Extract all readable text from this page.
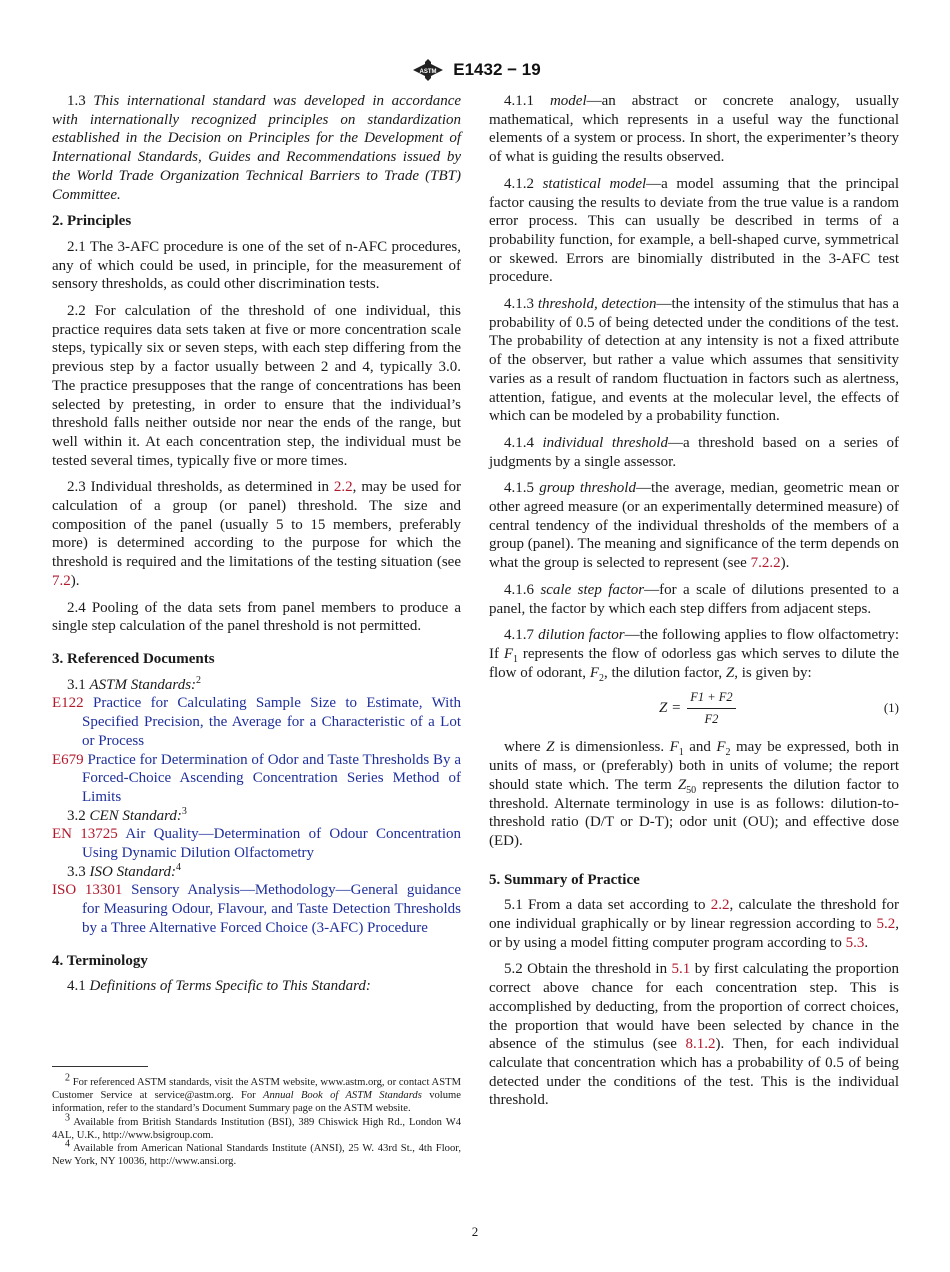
ASTM E1432 − 19

1.3 This international standard was developed in accordance with internationally recognized principles on standardization established in the Decision on Principles for the Development of International Standards, Guides and Recommendations issued by the World Trade Organization Technical Barriers to Trade (TBT) Committee.

2. Principles

2.1 The 3-AFC procedure is one of the set of n-AFC procedures, any of which could be used, in principle, for the measurement of sensory thresholds, as could other discrimination tests.

2.2 For calculation of the threshold of one individual, this practice requires data sets taken at five or more concentration scale steps, typically six or seven steps, with each step differing from the previous step by a factor usually between 2 and 4, typically 3.0. The practice presupposes that the range of concentrations has been selected by pretesting, in order to ensure that the individual’s threshold falls neither outside nor near the ends of the range, but well within it. At each concentration step, the individual must be tested several times, typically five or more times.

2.3 Individual thresholds, as determined in 2.2, may be used for calculation of a group (or panel) threshold. The size and composition of the panel (usually 5 to 15 members, preferably more) is determined according to the purpose for which the threshold is required and the limitations of the testing situation (see 7.2).

2.4 Pooling of the data sets from panel members to produce a single step calculation of the panel threshold is not permitted.

3. Referenced Documents

3.1 ASTM Standards:$^2$

E122 Practice for Calculating Sample Size to Estimate, With Specified Precision, the Average for a Characteristic of a Lot or Process

E679 Practice for Determination of Odor and Taste Thresholds By a Forced-Choice Ascending Concentration Series Method of Limits

3.2 CEN Standard:$^3$

EN 13725 Air Quality—Determination of Odour Concentration Using Dynamic Dilution Olfactometry

3.3 ISO Standard:$^4$

ISO 13301 Sensory Analysis—Methodology—General guidance for Measuring Odour, Flavour, and Taste Detection Thresholds by a Three Alternative Forced Choice (3-AFC) Procedure

4. Terminology

4.1 Definitions of Terms Specific to This Standard:

4.1.1 model—an abstract or concrete analogy, usually mathematical, which represents in a useful way the functional elements of a system or process. In short, the experimenter’s theory of what is guiding the results observed.

4.1.2 statistical model—a model assuming that the principal factor causing the results to deviate from the true value is a random error process. This can usually be described in terms of a probability function, for example, a bell-shaped curve, symmetrical or skewed. Errors are binomially distributed in the 3-AFC test procedure.

4.1.3 threshold, detection—the intensity of the stimulus that has a probability of 0.5 of being detected under the conditions of the test. The probability of detection at any intensity is not a fixed attribute of the observer, but rather a value which assumes that sensitivity varies as a result of random fluctuation in factors such as alertness, attention, fatigue, and events at the molecular level, the effects of which can be modeled by a probability function.

4.1.4 individual threshold—a threshold based on a series of judgments by a single assessor.

4.1.5 group threshold—the average, median, geometric mean or other agreed measure (or an experimentally determined measure) of central tendency of the individual thresholds of the members of a group (panel). The meaning and significance of the term depends on what the group is selected to represent (see 7.2.2).

4.1.6 scale step factor—for a scale of dilutions presented to a panel, the factor by which each step differs from adjacent steps.

4.1.7 dilution factor—the following applies to flow olfactometry: If $F_1$ represents the flow of odorless gas which serves to dilute the flow of odorant, $F_2$, the dilution factor, Z, is given by:

$Z = \frac{F1 + F2}{F2}$	(1)

where Z is dimensionless. $F_1$ and $F_2$ may be expressed, both in units of mass, or (preferably) both in units of volume; the report should state which. The term $Z_{50}$ represents the dilution factor to threshold. Alternate terminology in use is as follows: dilution-to-threshold ratio (D/T or D-T); odor unit (OU); and effective dose (ED).

5. Summary of Practice

5.1 From a data set according to 2.2, calculate the threshold for one individual graphically or by linear regression according to 5.2, or by using a model fitting computer program according to 5.3.

5.2 Obtain the threshold in 5.1 by first calculating the proportion correct above chance for each concentration step. This is accomplished by deducting, from the proportion of correct choices, the proportion that would have been selected by chance in the absence of the stimulus (see 8.1.2). Then, for each individual calculate that concentration which has a probability of 0.5 of being detected under the conditions of the test. This is the individual threshold.

$^2$ For referenced ASTM standards, visit the ASTM website, www.astm.org, or contact ASTM Customer Service at service@astm.org. For Annual Book of ASTM Standards volume information, refer to the standard’s Document Summary page on the ASTM website.

$^3$ Available from British Standards Institution (BSI), 389 Chiswick High Rd., London W4 4AL, U.K., http://www.bsigroup.com.

$^4$ Available from American National Standards Institute (ANSI), 25 W. 43rd St., 4th Floor, New York, NY 10036, http://www.ansi.org.

2
